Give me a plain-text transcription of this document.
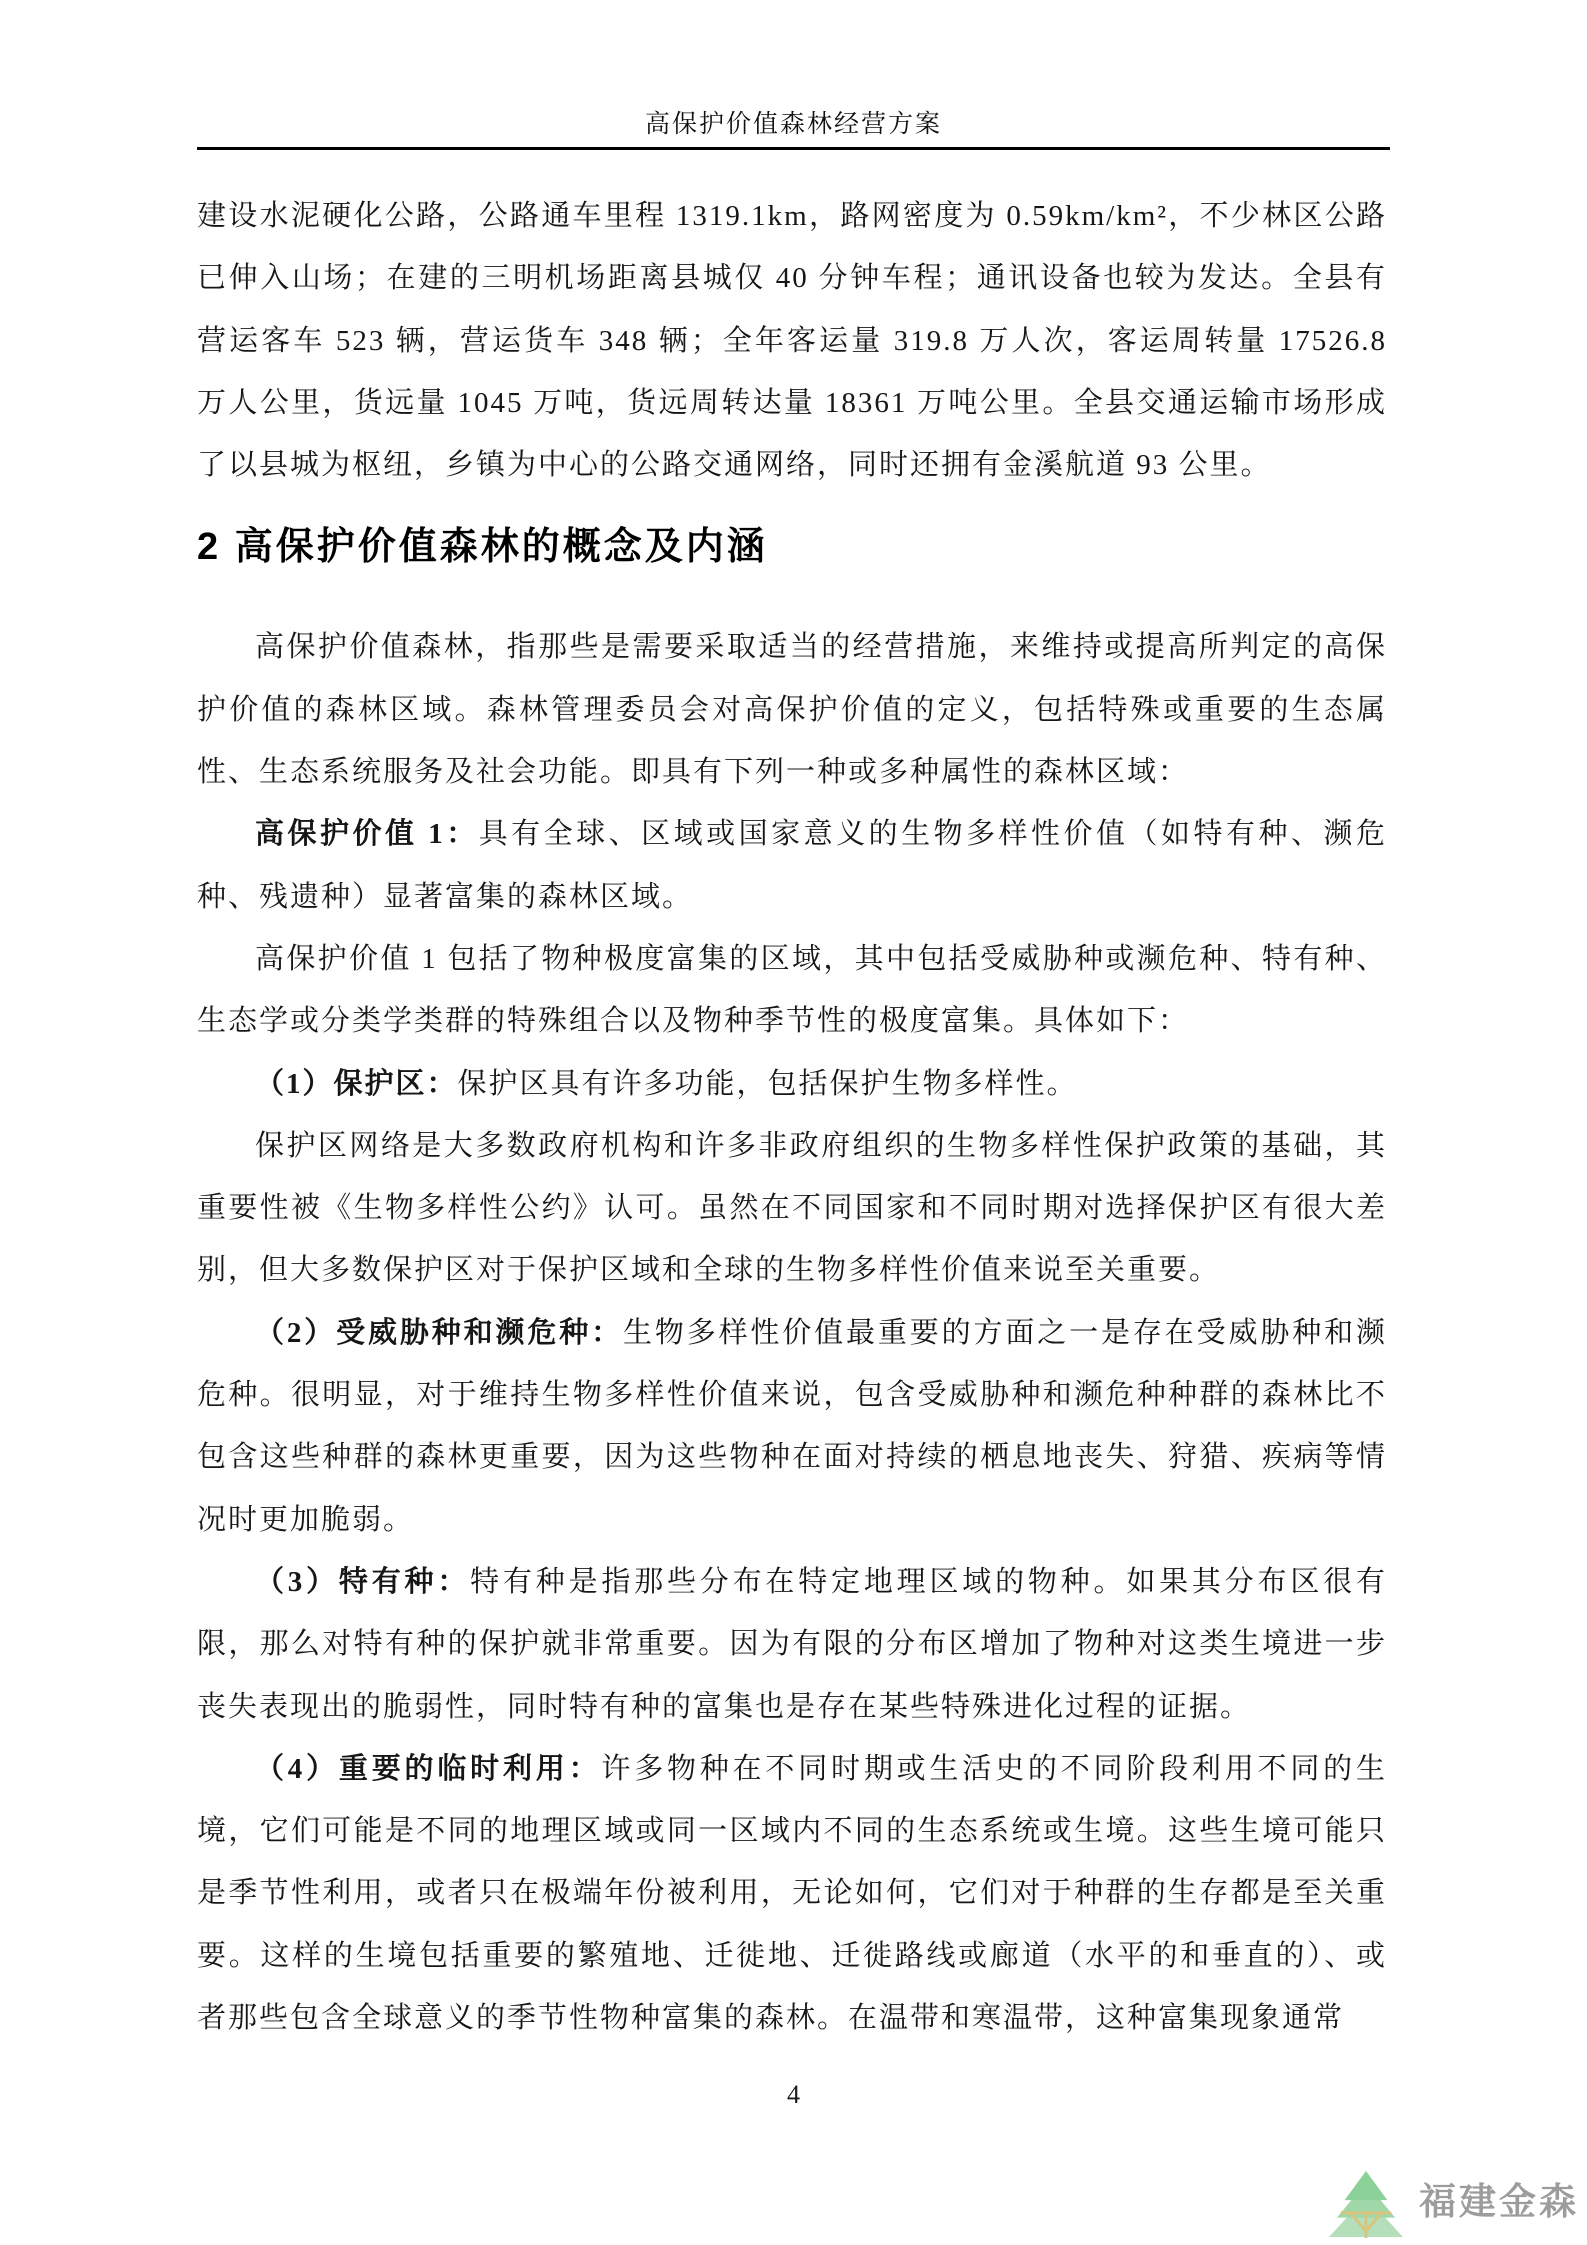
高保护价值森林经营方案

建设水泥硬化公路，公路通车里程 1319.1km，路网密度为 0.59km/km²，不少林区公路已伸入山场；在建的三明机场距离县城仅 40 分钟车程；通讯设备也较为发达。全县有营运客车 523 辆，营运货车 348 辆；全年客运量 319.8 万人次，客运周转量 17526.8 万人公里，货远量 1045 万吨，货远周转达量 18361 万吨公里。全县交通运输市场形成了以县城为枢纽，乡镇为中心的公路交通网络，同时还拥有金溪航道 93 公里。

2 高保护价值森林的概念及内涵

高保护价值森林，指那些是需要采取适当的经营措施，来维持或提高所判定的高保护价值的森林区域。森林管理委员会对高保护价值的定义，包括特殊或重要的生态属性、生态系统服务及社会功能。即具有下列一种或多种属性的森林区域：

高保护价值 1：具有全球、区域或国家意义的生物多样性价值（如特有种、濒危种、残遗种）显著富集的森林区域。

高保护价值 1 包括了物种极度富集的区域，其中包括受威胁种或濒危种、特有种、生态学或分类学类群的特殊组合以及物种季节性的极度富集。具体如下：

（1）保护区：保护区具有许多功能，包括保护生物多样性。

保护区网络是大多数政府机构和许多非政府组织的生物多样性保护政策的基础，其重要性被《生物多样性公约》认可。虽然在不同国家和不同时期对选择保护区有很大差别，但大多数保护区对于保护区域和全球的生物多样性价值来说至关重要。

（2）受威胁种和濒危种：生物多样性价值最重要的方面之一是存在受威胁种和濒危种。很明显，对于维持生物多样性价值来说，包含受威胁种和濒危种种群的森林比不包含这些种群的森林更重要，因为这些物种在面对持续的栖息地丧失、狩猎、疾病等情况时更加脆弱。

（3）特有种：特有种是指那些分布在特定地理区域的物种。如果其分布区很有限，那么对特有种的保护就非常重要。因为有限的分布区增加了物种对这类生境进一步丧失表现出的脆弱性，同时特有种的富集也是存在某些特殊进化过程的证据。

（4）重要的临时利用：许多物种在不同时期或生活史的不同阶段利用不同的生境，它们可能是不同的地理区域或同一区域内不同的生态系统或生境。这些生境可能只是季节性利用，或者只在极端年份被利用，无论如何，它们对于种群的生存都是至关重要。这样的生境包括重要的繁殖地、迁徙地、迁徙路线或廊道（水平的和垂直的）、或者那些包含全球意义的季节性物种富集的森林。在温带和寒温带，这种富集现象通常

4
福建金森
